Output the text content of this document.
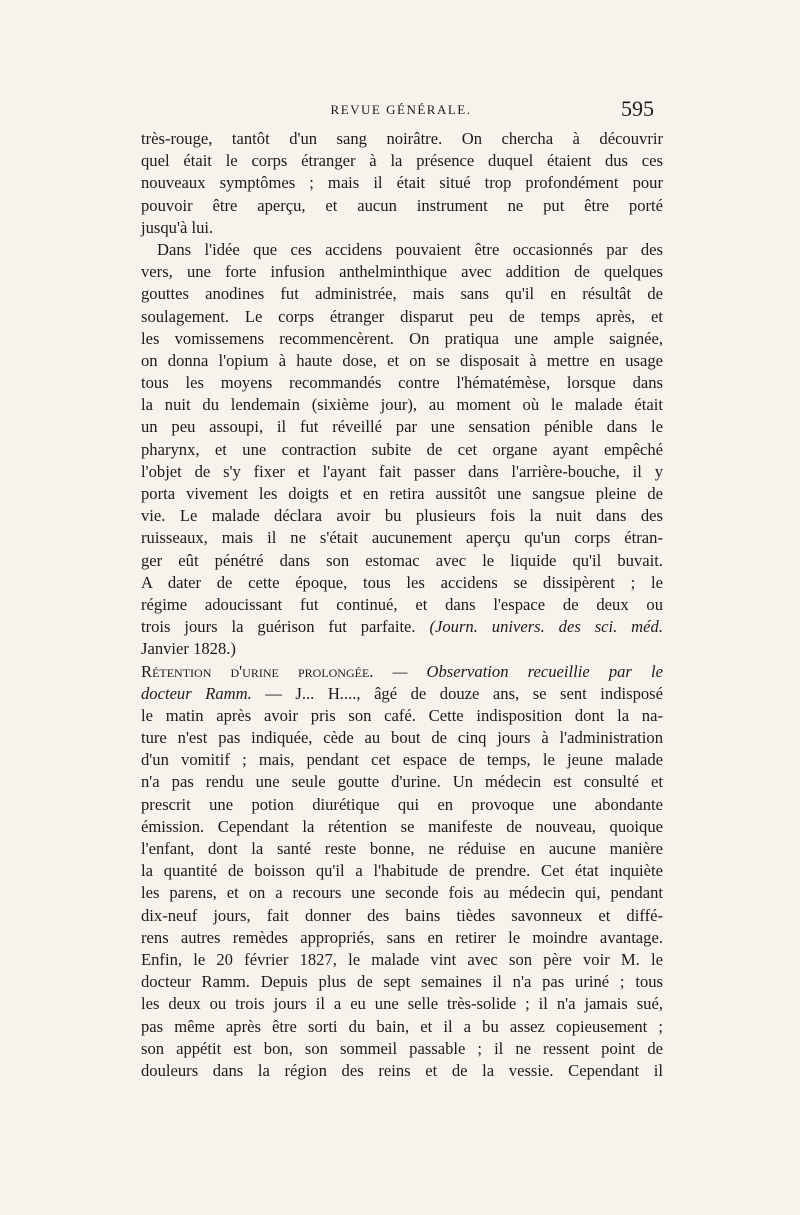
REVUE GÉNÉRALE.	595
très-rouge, tantôt d'un sang noirâtre. On chercha à découvrir
quel était le corps étranger à la présence duquel étaient dus ces
nouveaux symptômes ; mais il était situé trop profondément pour
pouvoir être aperçu, et aucun instrument ne put être porté
jusqu'à lui.
Dans l'idée que ces accidens pouvaient être occasionnés par des
vers, une forte infusion anthelminthique avec addition de quelques
gouttes anodines fut administrée, mais sans qu'il en résultât de
soulagement. Le corps étranger disparut peu de temps après, et
les vomissemens recommencèrent. On pratiqua une ample saignée,
on donna l'opium à haute dose, et on se disposait à mettre en usage
tous les moyens recommandés contre l'hématémèse, lorsque dans
la nuit du lendemain (sixième jour), au moment où le malade était
un peu assoupi, il fut réveillé par une sensation pénible dans le
pharynx, et une contraction subite de cet organe ayant empêché
l'objet de s'y fixer et l'ayant fait passer dans l'arrière-bouche, il y
porta vivement les doigts et en retira aussitôt une sangsue pleine de
vie. Le malade déclara avoir bu plusieurs fois la nuit dans des
ruisseaux, mais il ne s'était aucunement aperçu qu'un corps étran-
ger eût pénétré dans son estomac avec le liquide qu'il buvait.
A dater de cette époque, tous les accidens se dissipèrent ; le
régime adoucissant fut continué, et dans l'espace de deux ou
trois jours la guérison fut parfaite. (Journ. univers. des sci. méd.
Janvier 1828.)
Rétention d'urine prolongée. — Observation recueillie par le
docteur Ramm. — J... H...., âgé de douze ans, se sent indisposé
le matin après avoir pris son café. Cette indisposition dont la na-
ture n'est pas indiquée, cède au bout de cinq jours à l'administration
d'un vomitif ; mais, pendant cet espace de temps, le jeune malade
n'a pas rendu une seule goutte d'urine. Un médecin est consulté et
prescrit une potion diurétique qui en provoque une abondante
émission. Cependant la rétention se manifeste de nouveau, quoique
l'enfant, dont la santé reste bonne, ne réduise en aucune manière
la quantité de boisson qu'il a l'habitude de prendre. Cet état inquiète
les parens, et on a recours une seconde fois au médecin qui, pendant
dix-neuf jours, fait donner des bains tièdes savonneux et diffé-
rens autres remèdes appropriés, sans en retirer le moindre avantage.
Enfin, le 20 février 1827, le malade vint avec son père voir M. le
docteur Ramm. Depuis plus de sept semaines il n'a pas uriné ; tous
les deux ou trois jours il a eu une selle très-solide ; il n'a jamais sué,
pas même après être sorti du bain, et il a bu assez copieusement ;
son appétit est bon, son sommeil passable ; il ne ressent point de
douleurs dans la région des reins et de la vessie. Cependant il
